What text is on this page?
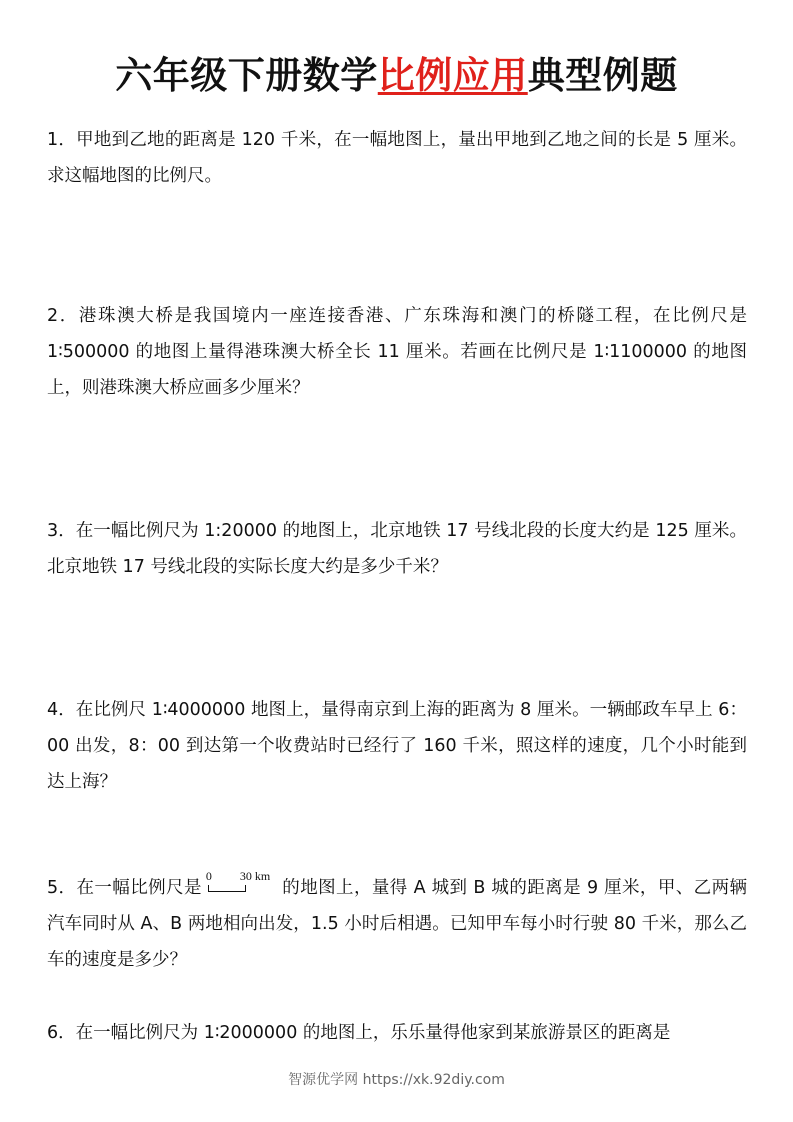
六年级下册数学比例应用典型例题

1．甲地到乙地的距离是 120 千米，在一幅地图上，量出甲地到乙地之间的长是 5 厘米。求这幅地图的比例尺。

2．港珠澳大桥是我国境内一座连接香港、广东珠海和澳门的桥隧工程，在比例尺是 1∶500000 的地图上量得港珠澳大桥全长 11 厘米。若画在比例尺是 1∶1100000 的地图上，则港珠澳大桥应画多少厘米？

3．在一幅比例尺为 1:20000 的地图上，北京地铁 17 号线北段的长度大约是 125 厘米。北京地铁 17 号线北段的实际长度大约是多少千米？

4．在比例尺 1∶4000000 地图上，量得南京到上海的距离为 8 厘米。一辆邮政车早上 6：00 出发，8：00 到达第一个收费站时已经行了 160 千米，照这样的速度，几个小时能到达上海？

5．在一幅比例尺是
0 30 km
的地图上，量得 A 城到 B 城的距离是 9 厘米，甲、乙两辆汽车同时从 A、B 两地相向出发，1.5 小时后相遇。已知甲车每小时行驶 80 千米，那么乙车的速度是多少？

6．在一幅比例尺为 1∶2000000 的地图上，乐乐量得他家到某旅游景区的距离是

智源优学网 https://xk.92diy.com
